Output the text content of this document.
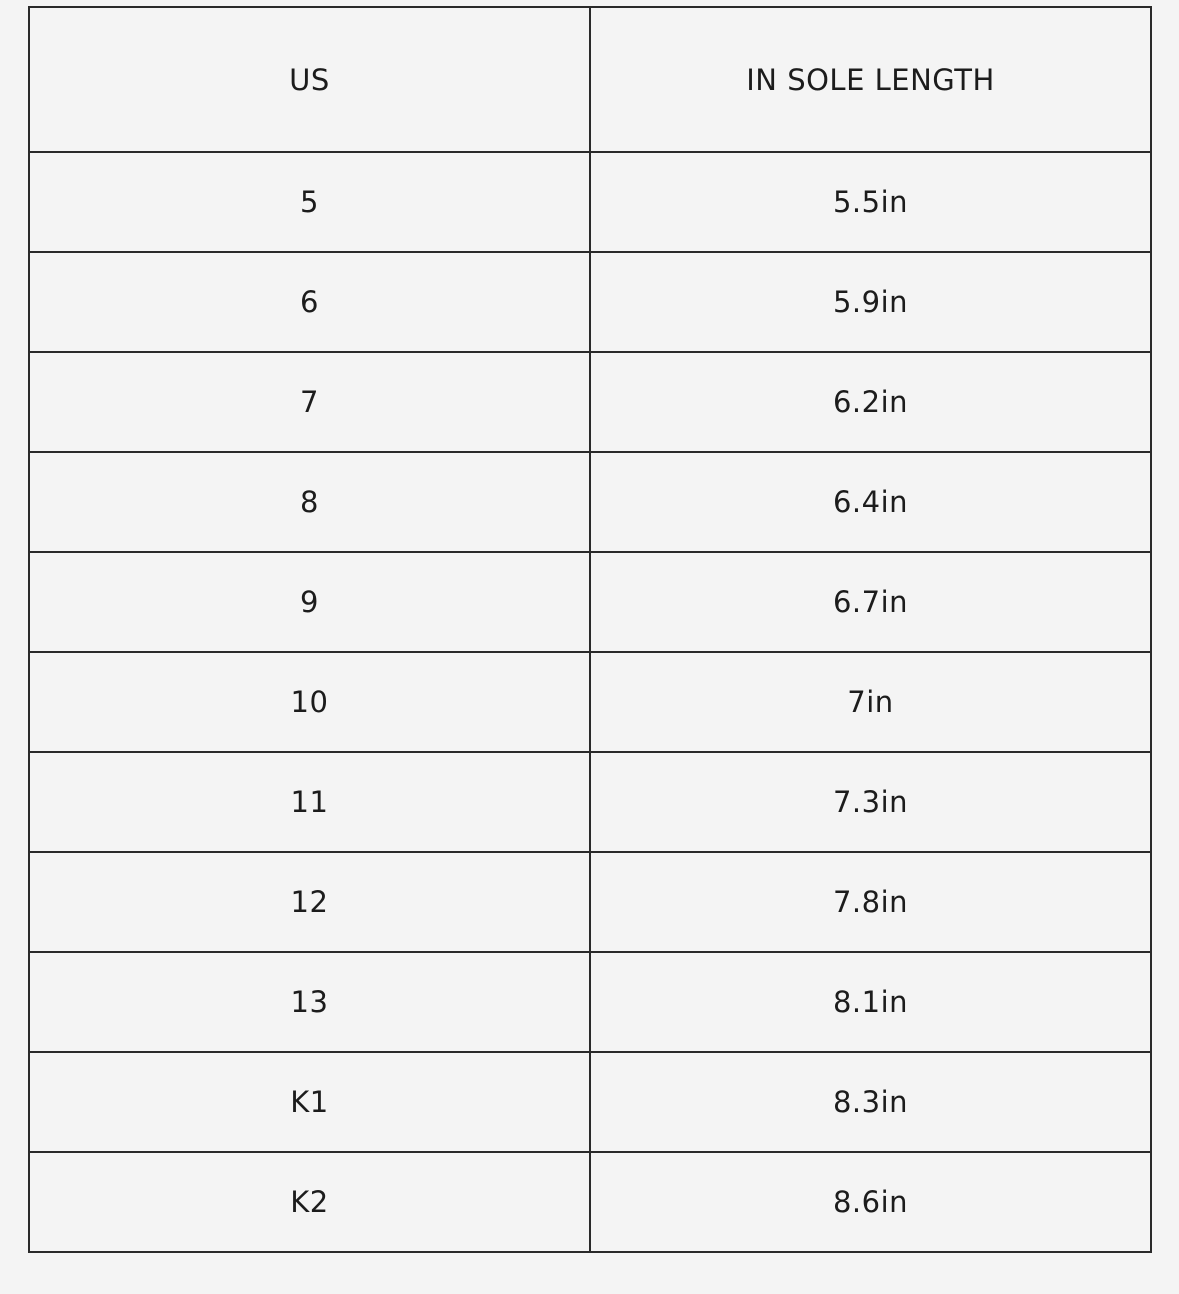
US	IN SOLE LENGTH
5	5.5in
6	5.9in
7	6.2in
8	6.4in
9	6.7in
10	7in
11	7.3in
12	7.8in
13	8.1in
K1	8.3in
K2	8.6in
